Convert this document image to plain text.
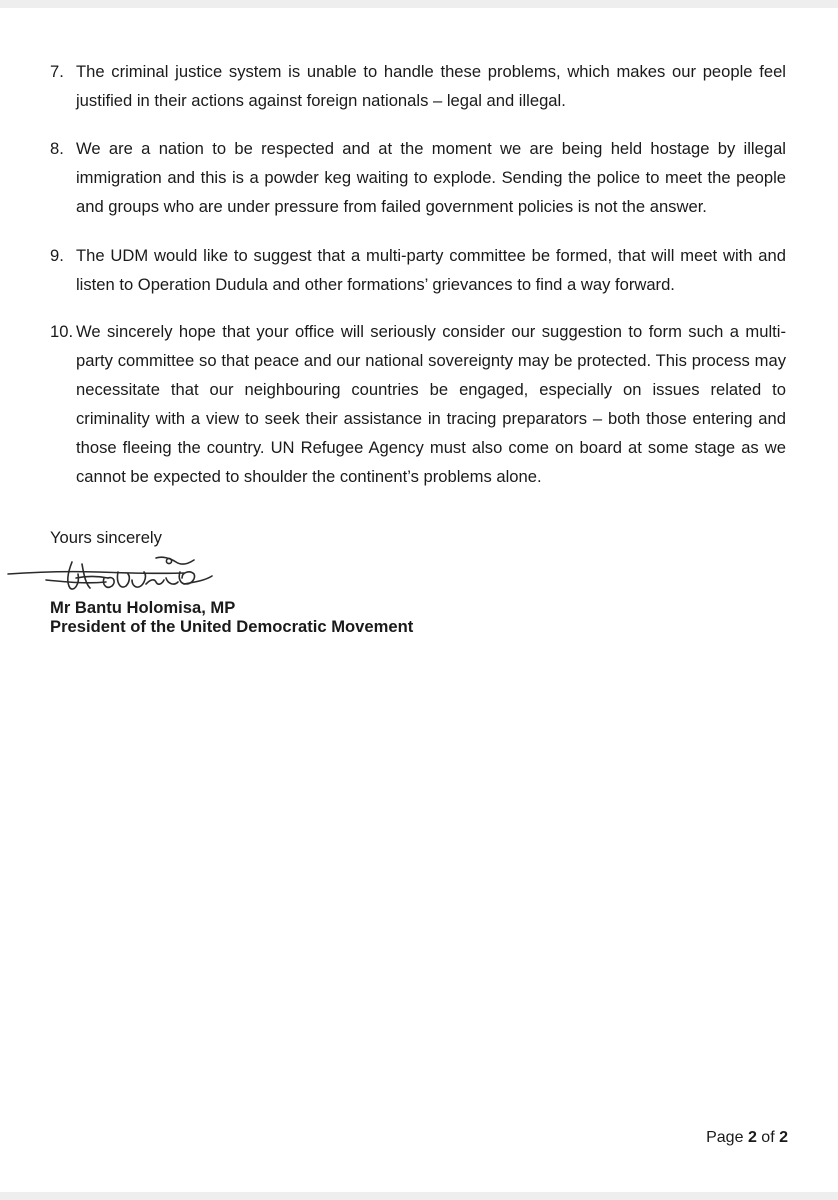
7. The criminal justice system is unable to handle these problems, which makes our people feel justified in their actions against foreign nationals – legal and illegal.
8. We are a nation to be respected and at the moment we are being held hostage by illegal immigration and this is a powder keg waiting to explode. Sending the police to meet the people and groups who are under pressure from failed government policies is not the answer.
9. The UDM would like to suggest that a multi-party committee be formed, that will meet with and listen to Operation Dudula and other formations’ grievances to find a way forward.
10. We sincerely hope that your office will seriously consider our suggestion to form such a multi-party committee so that peace and our national sovereignty may be protected. This process may necessitate that our neighbouring countries be engaged, especially on issues related to criminality with a view to seek their assistance in tracing preparators – both those entering and those fleeing the country. UN Refugee Agency must also come on board at some stage as we cannot be expected to shoulder the continent’s problems alone.
Yours sincerely
Mr Bantu Holomisa, MP
President of the United Democratic Movement
Page 2 of 2
